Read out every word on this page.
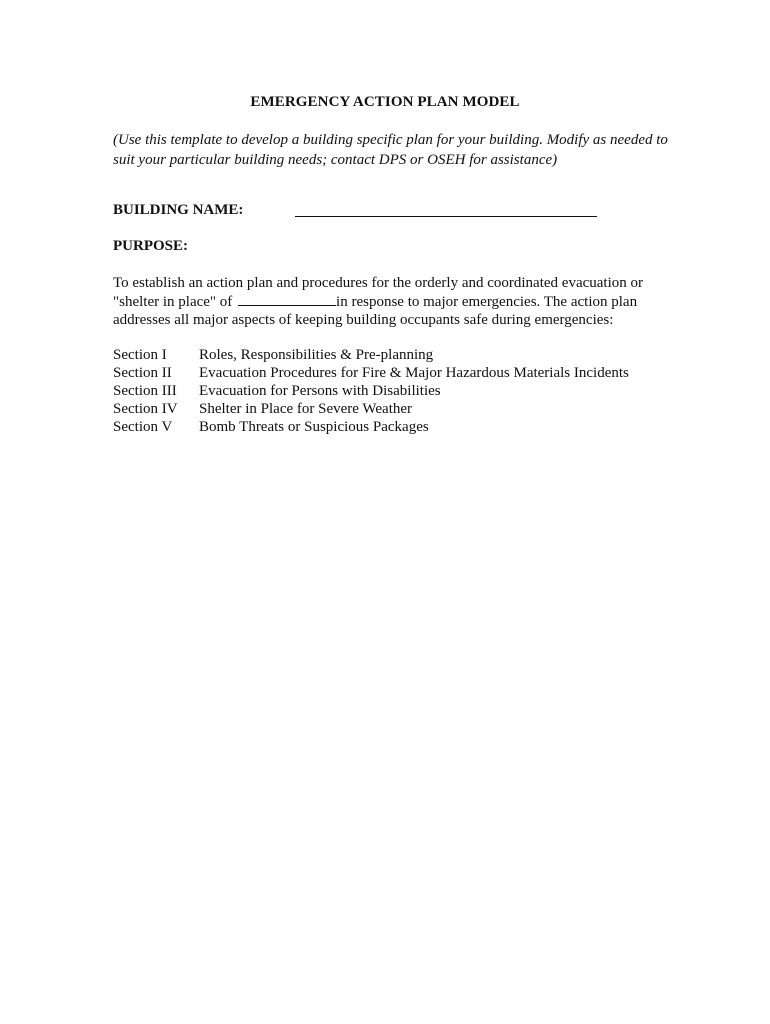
EMERGENCY ACTION PLAN MODEL
(Use this template to develop a building specific plan for your building. Modify as needed to suit your particular building needs; contact DPS or OSEH for assistance)
BUILDING NAME:
PURPOSE:
To establish an action plan and procedures for the orderly and coordinated evacuation or "shelter in place" of	in response to major emergencies. The action plan addresses all major aspects of keeping building occupants safe during emergencies:
Section I	Roles, Responsibilities & Pre-planning
Section II	Evacuation Procedures for Fire & Major Hazardous Materials Incidents
Section III	Evacuation for Persons with Disabilities
Section IV	Shelter in Place for Severe Weather
Section V	Bomb Threats or Suspicious Packages
